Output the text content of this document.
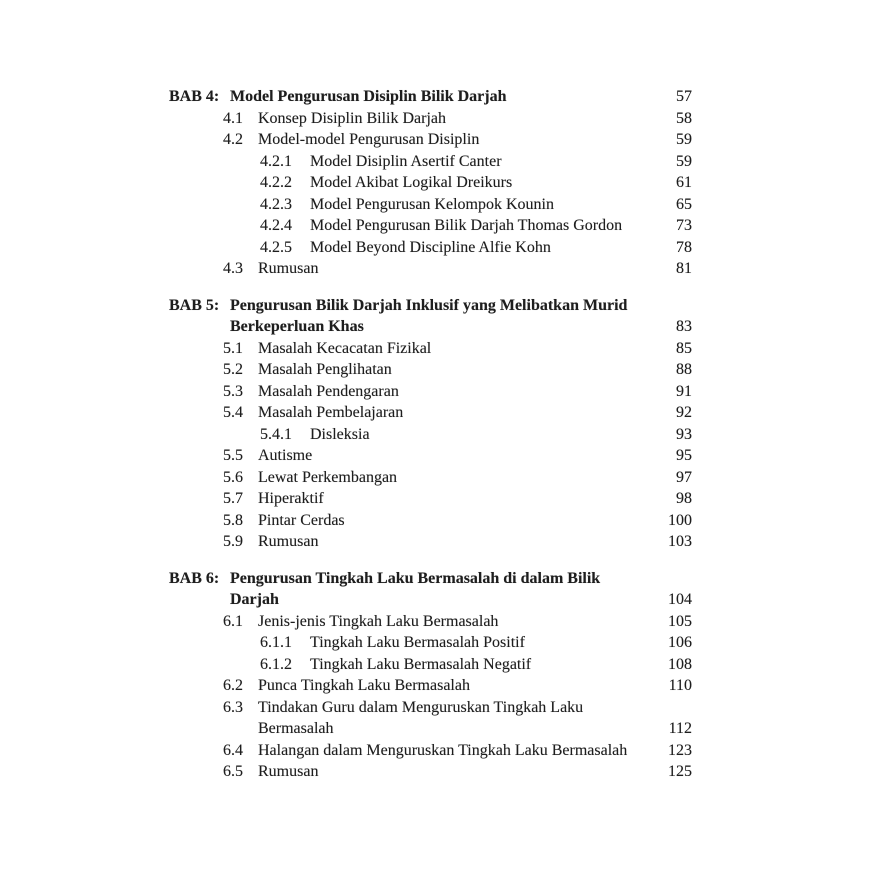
BAB 4: Model Pengurusan Disiplin Bilik Darjah	57
4.1 Konsep Disiplin Bilik Darjah	58
4.2 Model-model Pengurusan Disiplin	59
4.2.1	Model Disiplin Asertif Canter	59
4.2.2	Model Akibat Logikal Dreikurs	61
4.2.3	Model Pengurusan Kelompok Kounin	65
4.2.4	Model Pengurusan Bilik Darjah Thomas Gordon	73
4.2.5	Model Beyond Discipline Alfie Kohn	78
4.3 Rumusan	81
BAB 5: Pengurusan Bilik Darjah Inklusif yang Melibatkan Murid
Berkeperluan Khas	83
5.1 Masalah Kecacatan Fizikal	85
5.2 Masalah Penglihatan	88
5.3 Masalah Pendengaran	91
5.4 Masalah Pembelajaran	92
5.4.1	Disleksia	93
5.5 Autisme	95
5.6 Lewat Perkembangan	97
5.7 Hiperaktif	98
5.8 Pintar Cerdas	100
5.9 Rumusan	103
BAB 6: Pengurusan Tingkah Laku Bermasalah di dalam Bilik
Darjah	104
6.1 Jenis-jenis Tingkah Laku Bermasalah	105
6.1.1	Tingkah Laku Bermasalah Positif	106
6.1.2	Tingkah Laku Bermasalah Negatif	108
6.2 Punca Tingkah Laku Bermasalah	110
6.3 Tindakan Guru dalam Menguruskan Tingkah Laku
Bermasalah	112
6.4 Halangan dalam Menguruskan Tingkah Laku Bermasalah	123
6.5 Rumusan	125
